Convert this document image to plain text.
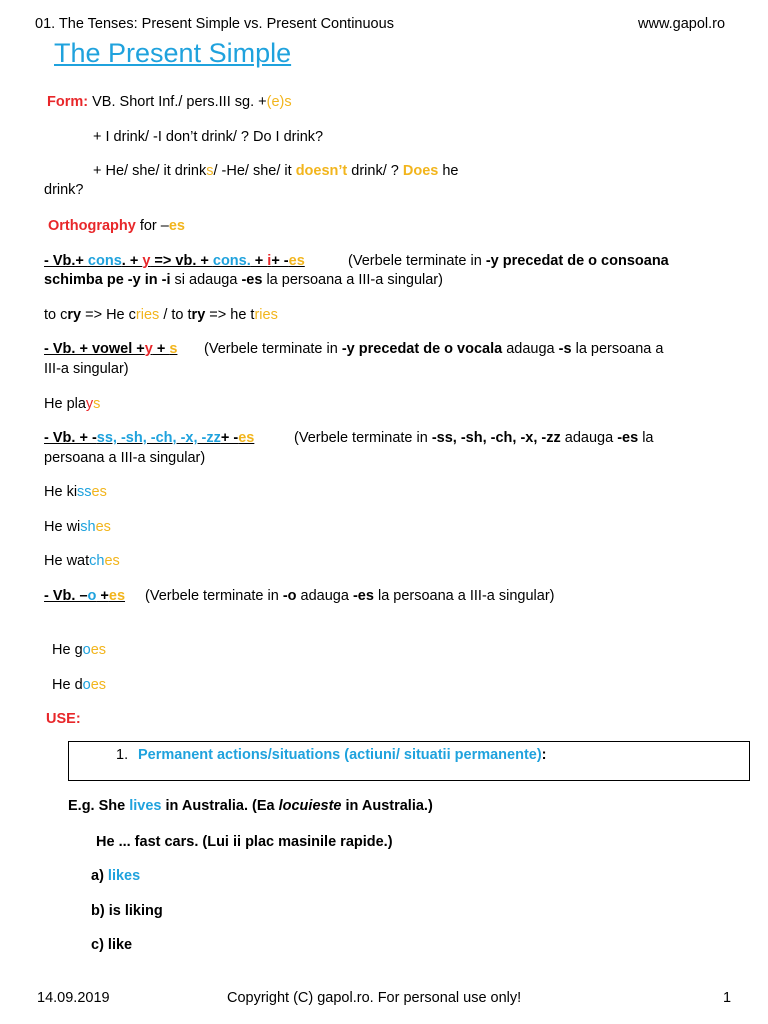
01. The Tenses: Present Simple vs. Present Continuous	www.gapol.ro
The Present Simple
Form: VB. Short Inf./ pers.III sg. +(e)s
+ I drink/ -I don’t drink/ ? Do I drink?
+ He/ she/ it drinks/ -He/ she/ it doesn’t drink/ ? Does he
drink?
Orthography for –es
- Vb.+ cons. + y => vb. + cons. + i+ -es	(Verbele terminate in -y precedat de o consoana
schimba pe -y in -i si adauga -es la persoana a III-a singular)
to cry => He cries / to try => he tries
- Vb. + vowel +y + s (Verbele terminate in -y precedat de o vocala adauga -s la persoana a
III-a singular)
He plays
- Vb. + -ss, -sh, -ch, -x, -zz+ -es	(Verbele terminate in -ss, -sh, -ch, -x, -zz adauga -es la
persoana a III-a singular)
He kisses
He wishes
He watches
- Vb. –o +es (Verbele terminate in -o adauga -es la persoana a III-a singular)
He goes
He does
USE:
1. Permanent actions/situations (actiuni/ situatii permanente):
E.g. She lives in Australia. (Ea locuieste in Australia.)
He ... fast cars. (Lui ii plac masinile rapide.)
a) likes
b) is liking
c) like
14.09.2019	Copyright (C) gapol.ro. For personal use only!	1
